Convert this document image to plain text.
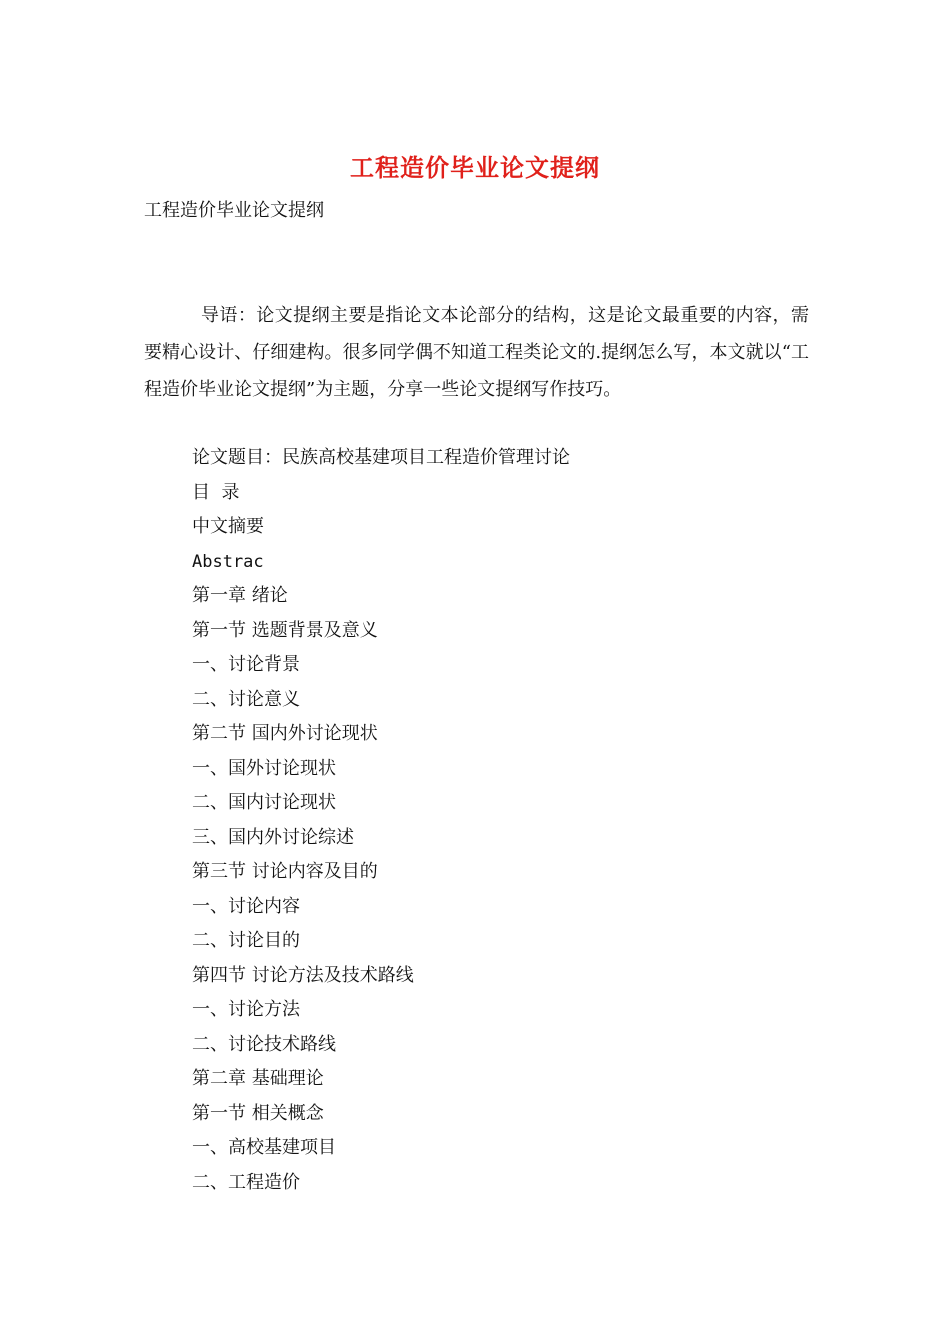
工程造价毕业论文提纲
工程造价毕业论文提纲

导语：论文提纲主要是指论文本论部分的结构，这是论文最重要的内容，需要精心设计、仔细建构。很多同学偶不知道工程类论文的.提纲怎么写，本文就以“工程造价毕业论文提纲”为主题，分享一些论文提纲写作技巧。

论文题目：民族高校基建项目工程造价管理讨论
目  录
中文摘要
Abstrac
第一章 绪论
第一节 选题背景及意义
一、讨论背景
二、讨论意义
第二节 国内外讨论现状
一、国外讨论现状
二、国内讨论现状
三、国内外讨论综述
第三节 讨论内容及目的
一、讨论内容
二、讨论目的
第四节 讨论方法及技术路线
一、讨论方法
二、讨论技术路线
第二章 基础理论
第一节 相关概念
一、高校基建项目
二、工程造价
